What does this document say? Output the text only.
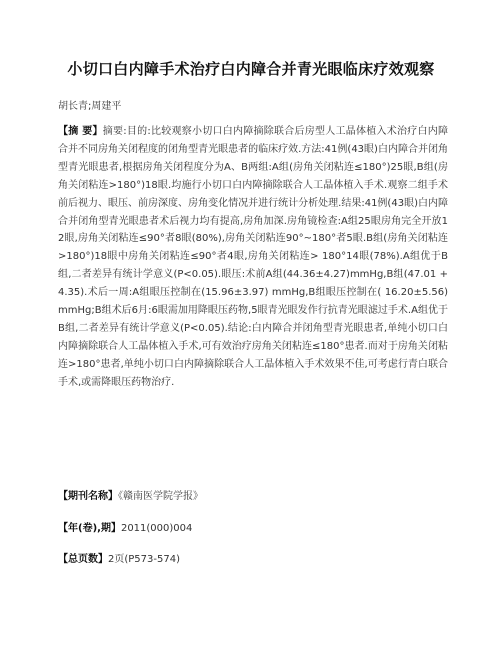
小切口白内障手术治疗白内障合并青光眼临床疗效观察
胡长青;周建平
【摘 要】摘要:目的:比较观察小切口白内障摘除联合后房型人工晶体植入术治疗白内障合并不同房角关闭程度的闭角型青光眼患者的临床疗效.方法:41例(43眼)白内障合并闭角型青光眼患者,根据房角关闭程度分为A、B两组:A组(房角关闭粘连≤180°)25眼,B组(房角关闭粘连>180°)18眼.均施行小切口白内障摘除联合人工晶体植入手术.观察二组手术前后视力、眼压、前房深度、房角变化情况并进行统计分析处理.结果:41例(43眼)白内障合并闭角型青光眼患者术后视力均有提高,房角加深.房角镜检查:A组25眼房角完全开放12眼,房角关闭粘连≤90°者8眼(80%),房角关闭粘连90°~180°者5眼.B组(房角关闭粘连>180°)18眼中房角关闭粘连≤90°者4眼,房角关闭粘连> 180°14眼(78%).A组优于B组,二者差异有统计学意义(P<0.05).眼压:术前A组(44.36±4.27)mmHg,B组(47.01 +4.35).术后一周:A组眼压控制在(15.96±3.97) mmHg,B组眼压控制在( 16.20±5.56) mmHg;B组术后6月:6眼需加用降眼压药物,5眼青光眼发作行抗青光眼滤过手术.A组优于B组,二者差异有统计学意义(P<0.05).结论:白内障合并闭角型青光眼患者,单纯小切口白内障摘除联合人工晶体植入手术,可有效治疗房角关闭粘连≤180°患者.而对于房角关闭粘连>180°患者,单纯小切口白内障摘除联合人工晶体植入手术效果不佳,可考虑行青白联合手术,或需降眼压药物治疗.
【期刊名称】《赣南医学院学报》
【年(卷),期】2011(000)004
【总页数】2页(P573-574)
